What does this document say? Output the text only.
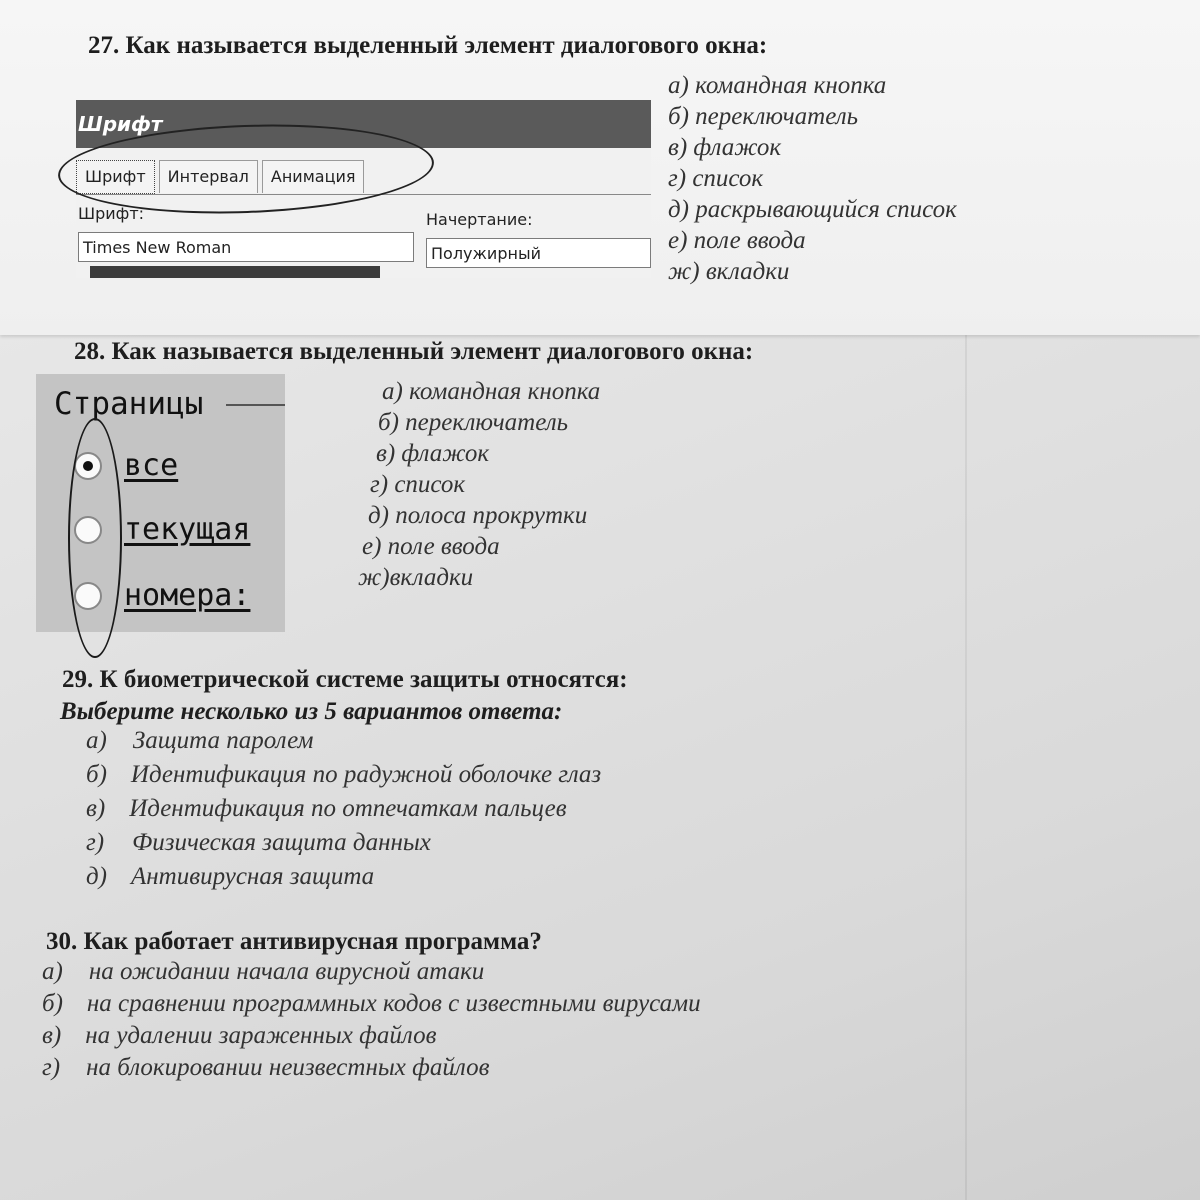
27. Как называется выделенный элемент диалогового окна:
Шрифт
Шрифт	Интервал	Анимация
Шрифт:
Times New Roman
Начертание:
Полужирный
а) командная кнопка
б) переключатель
в) флажок
г) список
д) раскрывающийся список
е) поле ввода
ж) вкладки
28. Как называется выделенный элемент диалогового окна:
Страницы
все
текущая
номера:
а) командная кнопка
б) переключатель
в) флажок
г) список
д) полоса прокрутки
е) поле ввода
ж)вкладки
29. К биометрической системе защиты относятся:
Выберите несколько из 5 вариантов ответа:
а) Защита паролем
б) Идентификация по радужной оболочке глаз
в) Идентификация по отпечаткам пальцев
г) Физическая защита данных
д) Антивирусная защита
30. Как работает антивирусная программа?
а) на ожидании начала вирусной атаки
б) на сравнении программных кодов с известными вирусами
в) на удалении зараженных файлов
г) на блокировании неизвестных файлов
